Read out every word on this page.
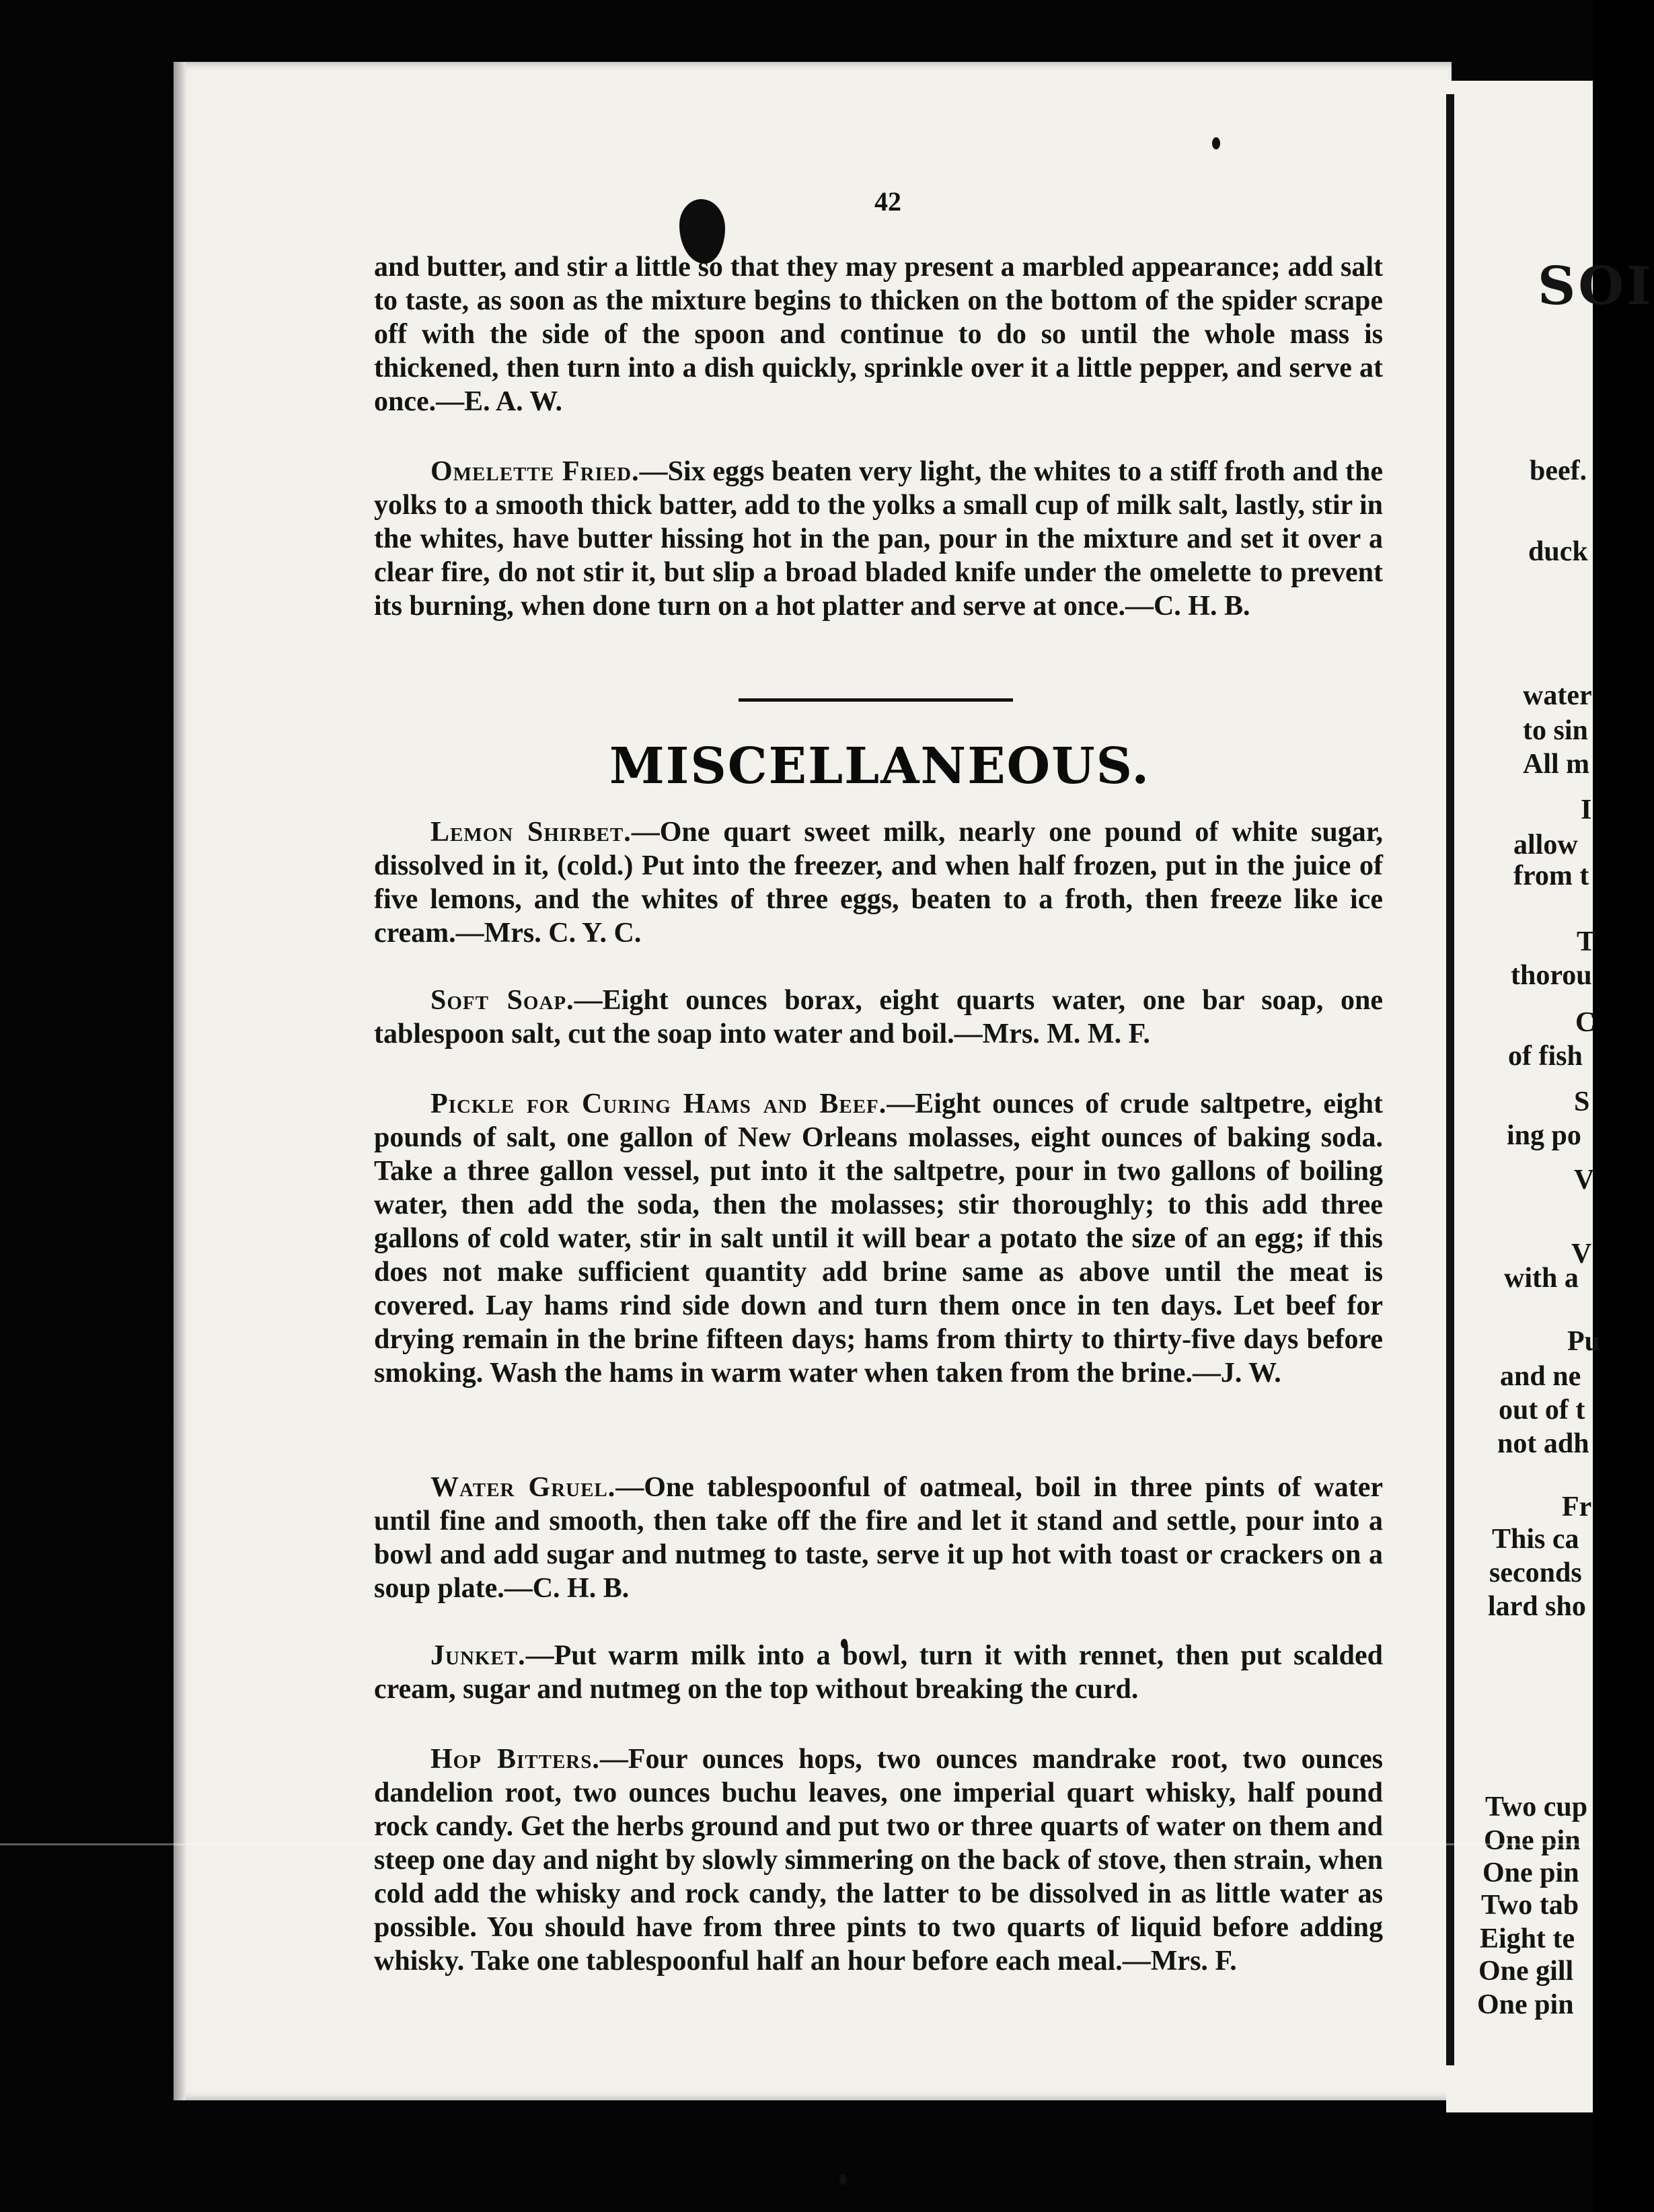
42

and butter, and stir a little so that they may present a marbled appearance; add salt to taste, as soon as the mixture begins to thicken on the bottom of the spider scrape off with the side of the spoon and continue to do so until the whole mass is thickened, then turn into a dish quickly, sprinkle over it a little pepper, and serve at once.—E. A. W.

Omelette Fried.—Six eggs beaten very light, the whites to a stiff froth and the yolks to a smooth thick batter, add to the yolks a small cup of milk salt, lastly, stir in the whites, have butter hissing hot in the pan, pour in the mixture and set it over a clear fire, do not stir it, but slip a broad bladed knife under the omelette to prevent its burning, when done turn on a hot platter and serve at once.—C. H. B.

MISCELLANEOUS.

Lemon Shirbet.—One quart sweet milk, nearly one pound of white sugar, dissolved in it, (cold.) Put into the freezer, and when half frozen, put in the juice of five lemons, and the whites of three eggs, beaten to a froth, then freeze like ice cream.—Mrs. C. Y. C.

Soft Soap.—Eight ounces borax, eight quarts water, one bar soap, one tablespoon salt, cut the soap into water and boil.—Mrs. M. M. F.

Pickle for Curing Hams and Beef.—Eight ounces of crude saltpetre, eight pounds of salt, one gallon of New Orleans molasses, eight ounces of baking soda. Take a three gallon vessel, put into it the saltpetre, pour in two gallons of boiling water, then add the soda, then the molasses; stir thoroughly; to this add three gallons of cold water, stir in salt until it will bear a potato the size of an egg; if this does not make sufficient quantity add brine same as above until the meat is covered. Lay hams rind side down and turn them once in ten days. Let beef for drying remain in the brine fifteen days; hams from thirty to thirty-five days before smoking. Wash the hams in warm water when taken from the brine.—J. W.

Water Gruel.—One tablespoonful of oatmeal, boil in three pints of water until fine and smooth, then take off the fire and let it stand and settle, pour into a bowl and add sugar and nutmeg to taste, serve it up hot with toast or crackers on a soup plate.—C. H. B.

Junket.—Put warm milk into a bowl, turn it with rennet, then put scalded cream, sugar and nutmeg on the top without breaking the curd.

Hop Bitters.—Four ounces hops, two ounces mandrake root, two ounces dandelion root, two ounces buchu leaves, one imperial quart whisky, half pound rock candy. Get the herbs ground and put two or three quarts of water on them and steep one day and night by slowly simmering on the back of stove, then strain, when cold add the whisky and rock candy, the latter to be dissolved in as little water as possible. You should have from three pints to two quarts of liquid before adding whisky. Take one tablespoonful half an hour before each meal.—Mrs. F.

SOI
beef.
duck
water
to sin
All m
I
allow
from t
T
thorou
C
of fish
S
ing po
V
V
with a
Pu
and ne
out of t
not adh
Fr
This ca
seconds
lard sho
Two cup
One pin
One pin
Two tab
Eight te
One gill
One pin
